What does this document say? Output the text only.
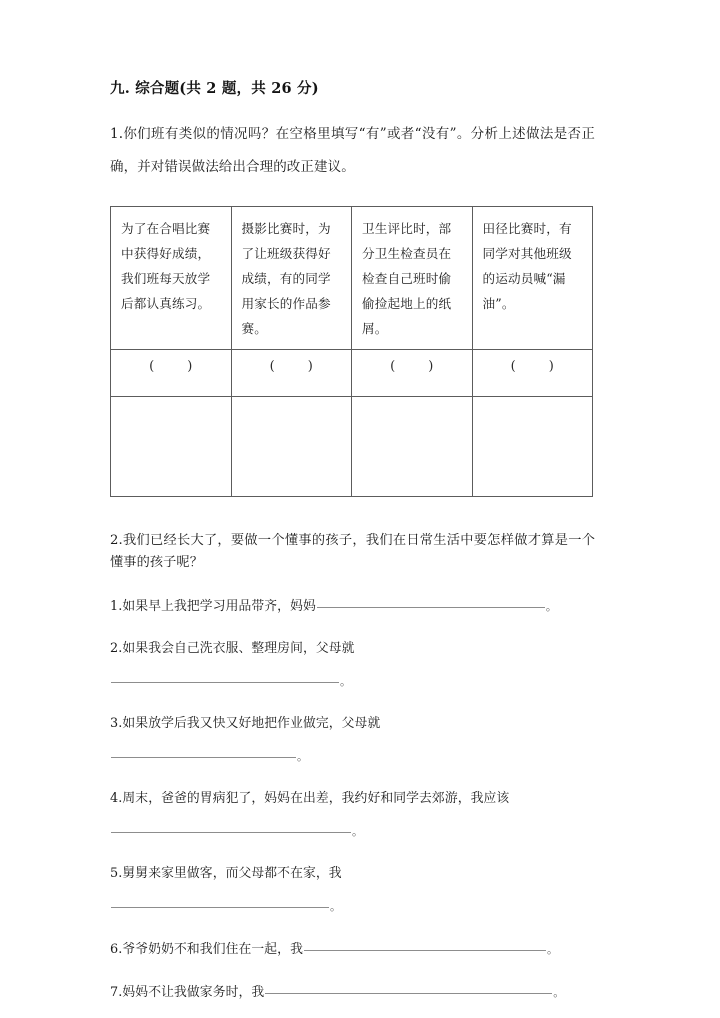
九. 综合题(共 2 题，共 26 分)

1.你们班有类似的情况吗？在空格里填写“有”或者“没有”。分析上述做法是否正确，并对错误做法给出合理的改正建议。

为了在合唱比赛中获得好成绩，我们班每天放学后都认真练习。	摄影比赛时，为了让班级获得好成绩，有的同学用家长的作品参赛。	卫生评比时，部分卫生检查员在检查自己班时偷偷捡起地上的纸屑。	田径比赛时，有同学对其他班级的运动员喊“漏油”。
(        )	(        )	(        )	(        )

2.我们已经长大了，要做一个懂事的孩子，我们在日常生活中要怎样做才算是一个懂事的孩子呢？

1.如果早上我把学习用品带齐，妈妈	。
2.如果我会自己洗衣服、整理房间，父母就
。
3.如果放学后我又快又好地把作业做完，父母就
。
4.周末，爸爸的胃病犯了，妈妈在出差，我约好和同学去郊游，我应该
。
5.舅舅来家里做客，而父母都不在家，我
。
6.爷爷奶奶不和我们住在一起，我	。
7.妈妈不让我做家务时，我	。
